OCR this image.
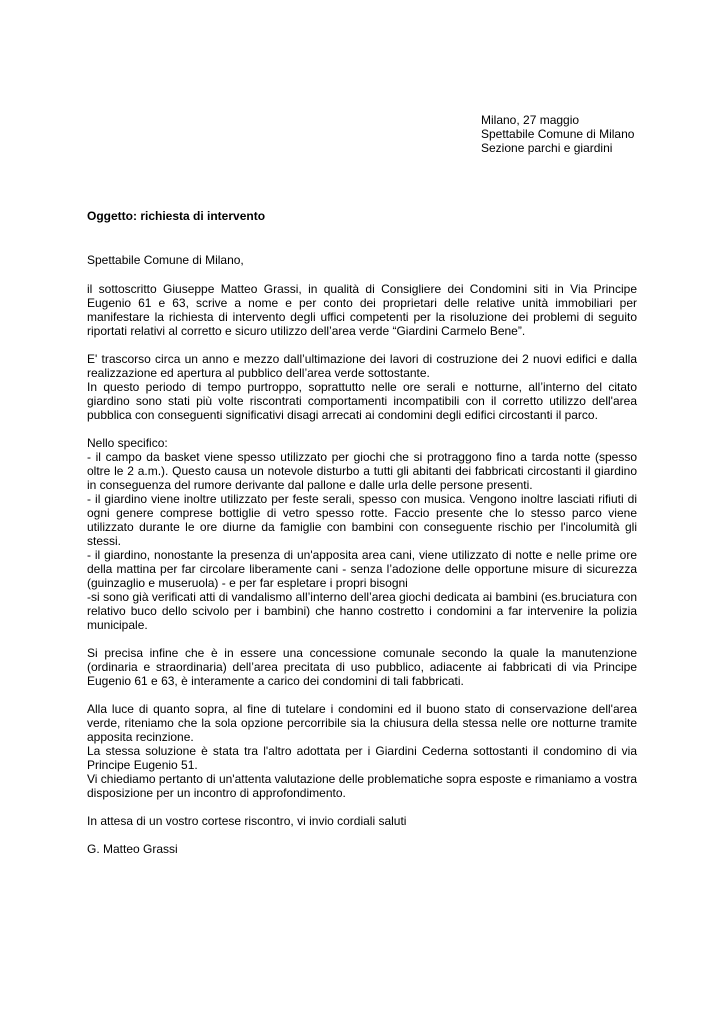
Milano, 27 maggio
Spettabile Comune di Milano
Sezione parchi e giardini

Oggetto: richiesta di intervento

Spettabile Comune di Milano,

il sottoscritto Giuseppe Matteo Grassi, in qualità di Consigliere dei Condomini siti in Via Principe Eugenio 61 e 63, scrive a nome e per conto dei proprietari delle relative unità immobiliari per manifestare la richiesta di intervento degli uffici competenti per la risoluzione dei problemi di seguito riportati relativi al corretto e sicuro utilizzo dell’area verde “Giardini Carmelo Bene”.

E' trascorso circa un anno e mezzo dall’ultimazione dei lavori di costruzione dei 2 nuovi edifici e dalla realizzazione ed apertura al pubblico dell’area verde sottostante.

In questo periodo di tempo purtroppo, soprattutto nelle ore serali e notturne, all’interno del citato giardino sono stati più volte riscontrati comportamenti incompatibili con il corretto utilizzo dell'area pubblica con conseguenti significativi disagi arrecati ai condomini degli edifici circostanti il parco.

Nello specifico:

- il campo da basket viene spesso utilizzato per giochi che si protraggono fino a tarda notte (spesso oltre le 2 a.m.). Questo causa un notevole disturbo a tutti gli abitanti dei fabbricati circostanti il giardino in conseguenza del rumore derivante dal pallone e dalle urla delle persone presenti.

- il giardino viene inoltre utilizzato per feste serali, spesso con musica. Vengono inoltre lasciati rifiuti di ogni genere comprese bottiglie di vetro spesso rotte. Faccio presente che lo stesso parco viene utilizzato durante le ore diurne da famiglie con bambini con conseguente rischio per l'incolumità gli stessi.

- il giardino, nonostante la presenza di un'apposita area cani, viene utilizzato di notte e nelle prime ore della mattina per far circolare liberamente cani - senza l’adozione delle opportune misure di sicurezza (guinzaglio e museruola) - e per far espletare i propri bisogni

-si sono già verificati atti di vandalismo all’interno dell’area giochi dedicata ai bambini (es.bruciatura con relativo buco dello scivolo per i bambini) che hanno costretto i condomini a far intervenire la polizia municipale.

Si precisa infine che è in essere una concessione comunale secondo la quale la manutenzione (ordinaria e straordinaria) dell’area precitata di uso pubblico, adiacente ai fabbricati di via Principe Eugenio 61 e 63, è interamente a carico dei condomini di tali fabbricati.

Alla luce di quanto sopra, al fine di tutelare i condomini ed il buono stato di conservazione dell'area verde, riteniamo che la sola opzione percorribile sia la chiusura della stessa nelle ore notturne tramite apposita recinzione.

La stessa soluzione è stata tra l'altro adottata per i Giardini Cederna sottostanti il condomino di via Principe Eugenio 51.

Vi chiediamo pertanto di un'attenta valutazione delle problematiche sopra esposte e rimaniamo a vostra disposizione per un incontro di approfondimento.

In attesa di un vostro cortese riscontro, vi invio cordiali saluti

G. Matteo Grassi
